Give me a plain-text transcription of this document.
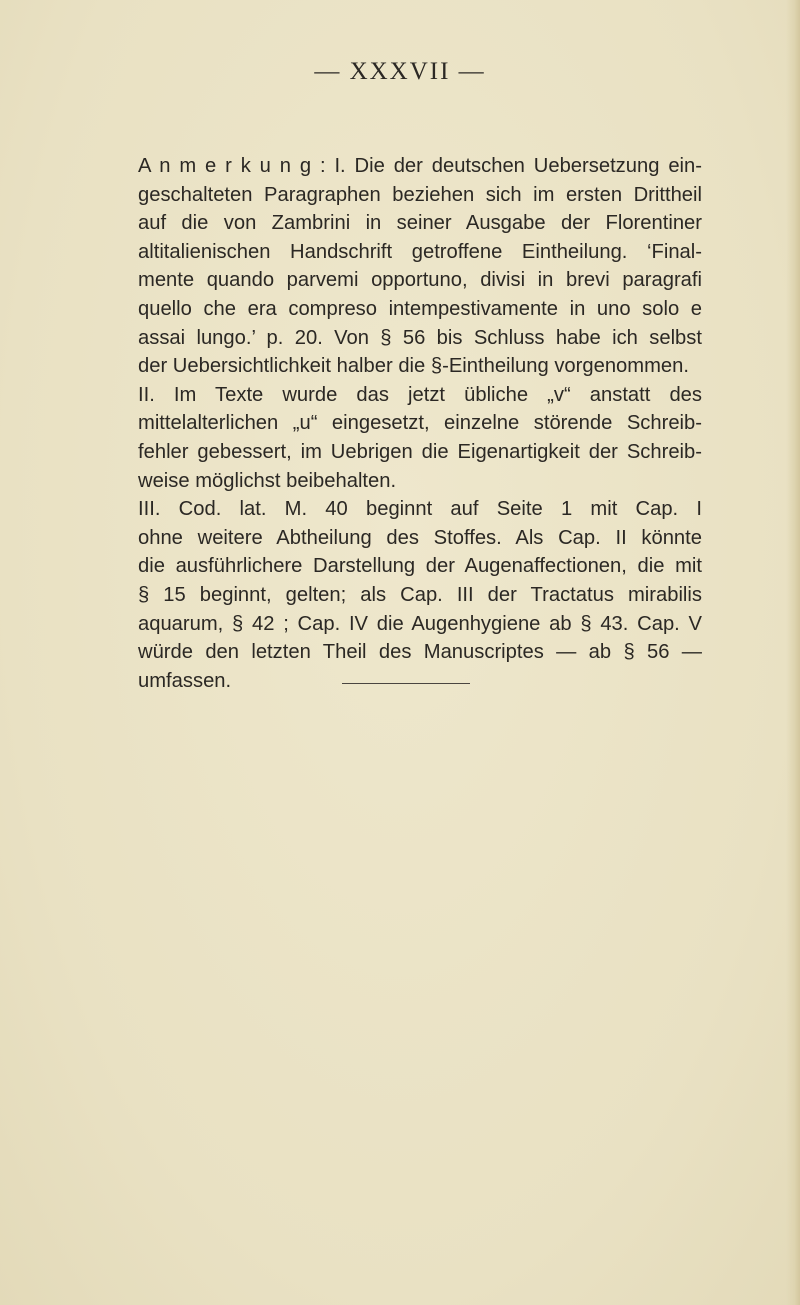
— XXXVII —
A n m e r k u n g : I. Die der deutschen Uebersetzung ein-
geschalteten Paragraphen beziehen sich im ersten Drittheil
auf die von Zambrini in seiner Ausgabe der Florentiner
altitalienischen Handschrift getroffene Eintheilung. ‘Final-
mente quando parvemi opportuno, divisi in brevi paragrafi
quello che era compreso intempestivamente in uno solo e
assai lungo.’ p. 20. Von § 56 bis Schluss habe ich selbst
der Uebersichtlichkeit halber die §-Eintheilung vorgenommen.
II. Im Texte wurde das jetzt übliche „v“ anstatt des
mittelalterlichen „u“ eingesetzt, einzelne störende Schreib-
fehler gebessert, im Uebrigen die Eigenartigkeit der Schreib-
weise möglichst beibehalten.
III. Cod. lat. M. 40 beginnt auf Seite 1 mit Cap. I
ohne weitere Abtheilung des Stoffes. Als Cap. II könnte
die ausführlichere Darstellung der Augenaffectionen, die mit
§ 15 beginnt, gelten; als Cap. III der Tractatus mirabilis
aquarum, § 42 ; Cap. IV die Augenhygiene ab § 43. Cap. V
würde den letzten Theil des Manuscriptes — ab § 56 —
umfassen.
